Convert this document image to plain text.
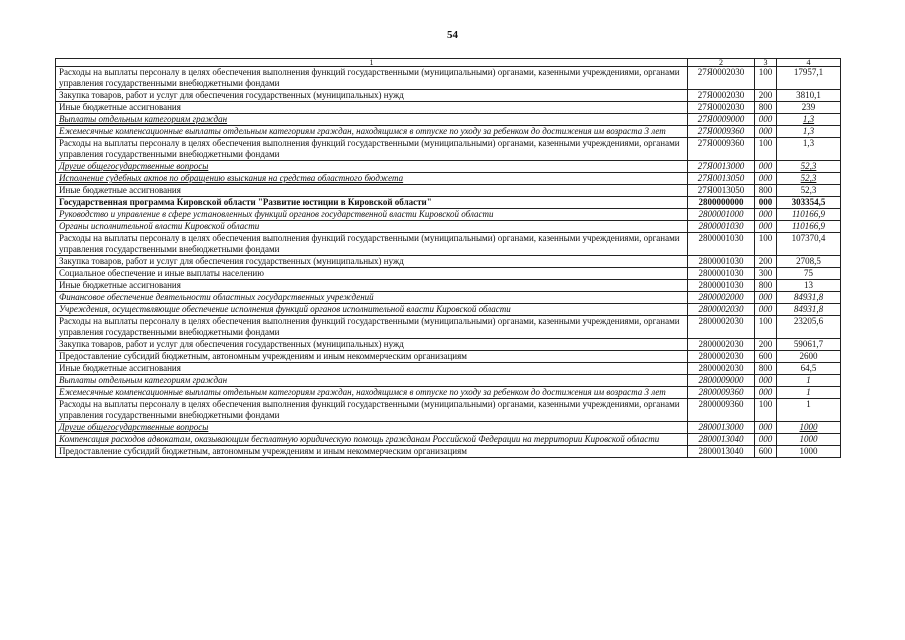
54
1	2	3	4
Расходы на выплаты персоналу в целях обеспечения выполнения функций государственными (муниципальными) органами, казенными учреждениями, органами управления государственными внебюджетными фондами	27Я0002030	100	17957,1
Закупка товаров, работ и услуг для обеспечения государственных (муниципальных) нужд	27Я0002030	200	3810,1
Иные бюджетные ассигнования	27Я0002030	800	239
Выплаты отдельным категориям граждан	27Я0009000	000	1,3
Ежемесячные компенсационные выплаты отдельным категориям граждан, находящимся в отпуске по уходу за ребенком до достижения им возраста 3 лет	27Я0009360	000	1,3
Расходы на выплаты персоналу в целях обеспечения выполнения функций государственными (муниципальными) органами, казенными учреждениями, органами управления государственными внебюджетными фондами	27Я0009360	100	1,3
Другие общегосударственные вопросы	27Я0013000	000	52,3
Исполнение судебных актов по обращению взыскания на средства областного бюджета	27Я0013050	000	52,3
Иные бюджетные ассигнования	27Я0013050	800	52,3
Государственная программа Кировской области "Развитие юстиции в Кировской области"	2800000000	000	303354,5
Руководство и управление в сфере установленных функций органов государственной власти Кировской области	2800001000	000	110166,9
Органы исполнительной власти Кировской области	2800001030	000	110166,9
Расходы на выплаты персоналу в целях обеспечения выполнения функций государственными (муниципальными) органами, казенными учреждениями, органами управления государственными внебюджетными фондами	2800001030	100	107370,4
Закупка товаров, работ и услуг для обеспечения государственных (муниципальных) нужд	2800001030	200	2708,5
Социальное обеспечение и иные выплаты населению	2800001030	300	75
Иные бюджетные ассигнования	2800001030	800	13
Финансовое обеспечение деятельности областных государственных учреждений	2800002000	000	84931,8
Учреждения, осуществляющие обеспечение исполнения функций органов исполнительной власти Кировской области	2800002030	000	84931,8
Расходы на выплаты персоналу в целях обеспечения выполнения функций государственными (муниципальными) органами, казенными учреждениями, органами управления государственными внебюджетными фондами	2800002030	100	23205,6
Закупка товаров, работ и услуг для обеспечения государственных (муниципальных) нужд	2800002030	200	59061,7
Предоставление субсидий бюджетным, автономным учреждениям и иным некоммерческим организациям	2800002030	600	2600
Иные бюджетные ассигнования	2800002030	800	64,5
Выплаты отдельным категориям граждан	2800009000	000	1
Ежемесячные компенсационные выплаты отдельным категориям граждан, находящимся в отпуске по уходу за ребенком до достижения им возраста 3 лет	2800009360	000	1
Расходы на выплаты персоналу в целях обеспечения выполнения функций государственными (муниципальными) органами, казенными учреждениями, органами управления государственными внебюджетными фондами	2800009360	100	1
Другие общегосударственные вопросы	2800013000	000	1000
Компенсация расходов адвокатам, оказывающим бесплатную юридическую помощь гражданам Российской Федерации на территории Кировской области	2800013040	000	1000
Предоставление субсидий бюджетным, автономным учреждениям и иным некоммерческим организациям	2800013040	600	1000
